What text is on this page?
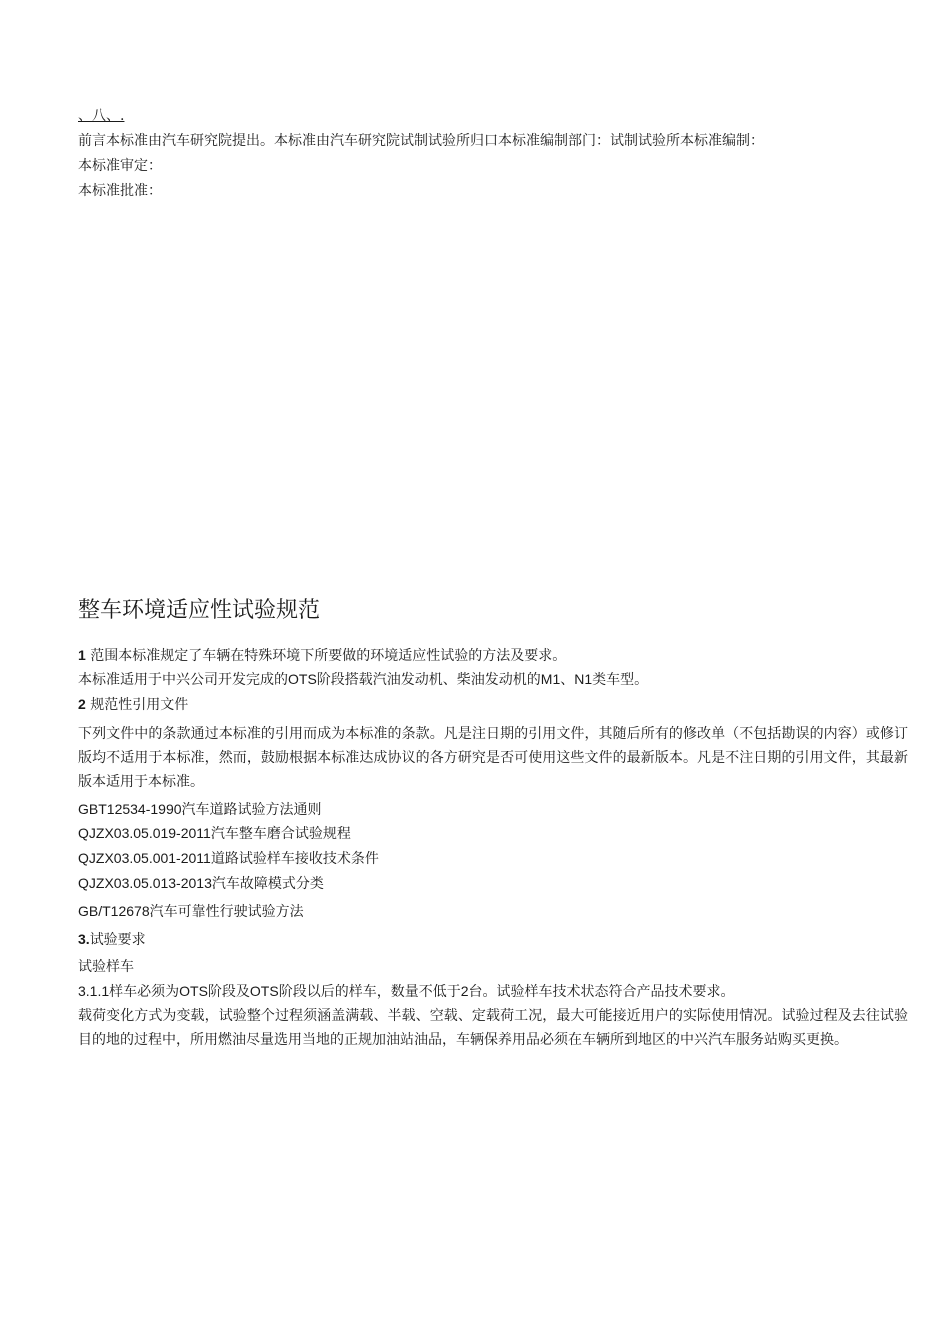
、八、.
前言本标准由汽车研究院提出。本标准由汽车研究院试制试验所归口本标准编制部门：试制试验所本标准编制：
本标准审定：
本标准批准：
整车环境适应性试验规范
1 范围本标准规定了车辆在特殊环境下所要做的环境适应性试验的方法及要求。
本标准适用于中兴公司开发完成的OTS阶段搭载汽油发动机、柴油发动机的M1、N1类车型。
2 规范性引用文件
下列文件中的条款通过本标准的引用而成为本标准的条款。凡是注日期的引用文件，其随后所有的修改单（不包括勘误的内容）或修订版均不适用于本标准，然而，鼓励根据本标准达成协议的各方研究是否可使用这些文件的最新版本。凡是不注日期的引用文件，其最新版本适用于本标准。
GBT12534-1990汽车道路试验方法通则
QJZX03.05.019-2011汽车整车磨合试验规程
QJZX03.05.001-2011道路试验样车接收技术条件
QJZX03.05.013-2013汽车故障模式分类
GB/T12678汽车可靠性行驶试验方法
3.试验要求
试验样车
3.1.1样车必须为OTS阶段及OTS阶段以后的样车，数量不低于2台。试验样车技术状态符合产品技术要求。
载荷变化方式为变载，试验整个过程须涵盖满载、半载、空载、定载荷工况，最大可能接近用户的实际使用情况。试验过程及去往试验目的地的过程中，所用燃油尽量选用当地的正规加油站油品，车辆保养用品必须在车辆所到地区的中兴汽车服务站购买更换。
